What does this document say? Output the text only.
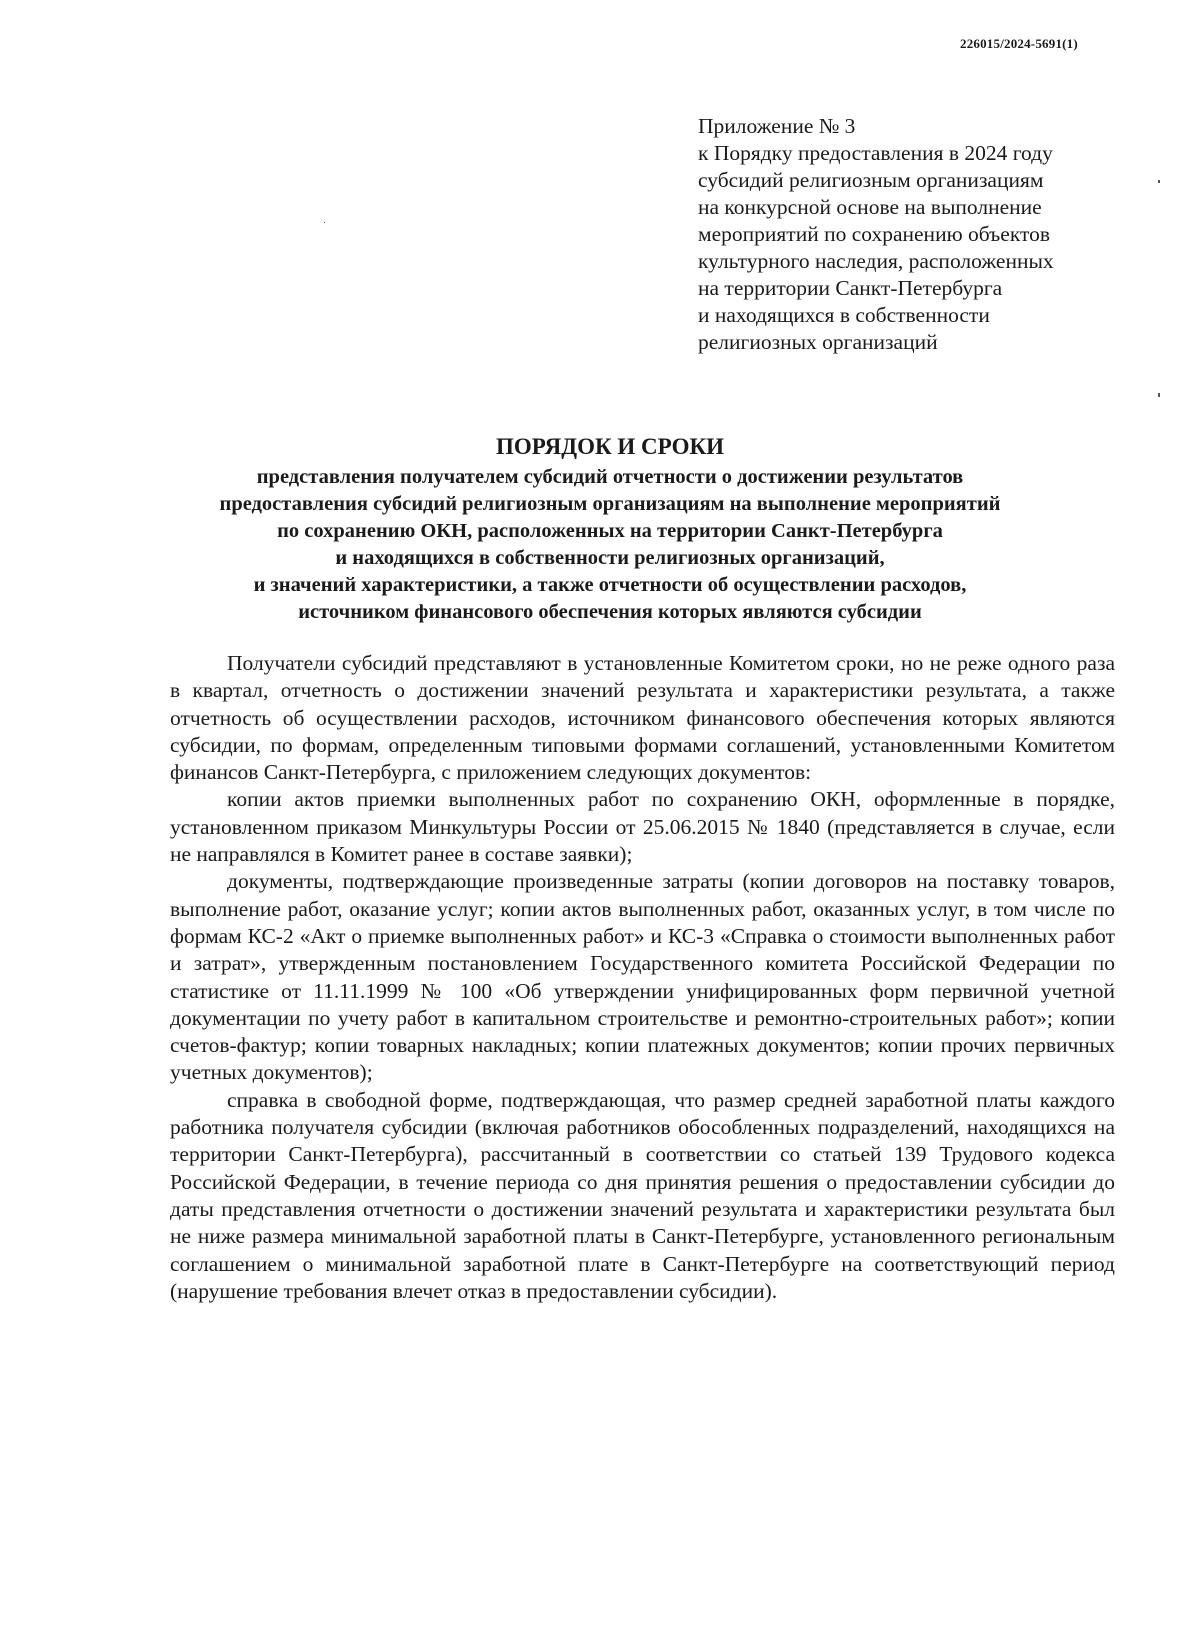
226015/2024-5691(1)
Приложение № 3
к Порядку предоставления в 2024 году
субсидий религиозным организациям
на конкурсной основе на выполнение
мероприятий по сохранению объектов
культурного наследия, расположенных
на территории Санкт-Петербурга
и находящихся в собственности
религиозных организаций
ПОРЯДОК И СРОКИ
представления получателем субсидий отчетности о достижении результатов
предоставления субсидий религиозным организациям на выполнение мероприятий
по сохранению ОКН, расположенных на территории Санкт-Петербурга
и находящихся в собственности религиозных организаций,
и значений характеристики, а также отчетности об осуществлении расходов,
источником финансового обеспечения которых являются субсидии

Получатели субсидий представляют в установленные Комитетом сроки, но не реже одного раза в квартал, отчетность о достижении значений результата и характеристики результата, а также отчетность об осуществлении расходов, источником финансового обеспечения которых являются субсидии, по формам, определенным типовыми формами соглашений, установленными Комитетом финансов Санкт-Петербурга, с приложением следующих документов:

копии актов приемки выполненных работ по сохранению ОКН, оформленные в порядке, установленном приказом Минкультуры России от 25.06.2015 № 1840 (представляется в случае, если не направлялся в Комитет ранее в составе заявки);

документы, подтверждающие произведенные затраты (копии договоров на поставку товаров, выполнение работ, оказание услуг; копии актов выполненных работ, оказанных услуг, в том числе по формам КС-2 «Акт о приемке выполненных работ» и КС-3 «Справка о стоимости выполненных работ и затрат», утвержденным постановлением Государственного комитета Российской Федерации по статистике от 11.11.1999 № 100 «Об утверждении унифицированных форм первичной учетной документации по учету работ в капитальном строительстве и ремонтно-строительных работ»; копии счетов-фактур; копии товарных накладных; копии платежных документов; копии прочих первичных учетных документов);

справка в свободной форме, подтверждающая, что размер средней заработной платы каждого работника получателя субсидии (включая работников обособленных подразделений, находящихся на территории Санкт-Петербурга), рассчитанный в соответствии со статьей 139 Трудового кодекса Российской Федерации, в течение периода со дня принятия решения о предоставлении субсидии до даты представления отчетности о достижении значений результата и характеристики результата был не ниже размера минимальной заработной платы в Санкт-Петербурге, установленного региональным соглашением о минимальной заработной плате в Санкт-Петербурге на соответствующий период (нарушение требования влечет отказ в предоставлении субсидии).
